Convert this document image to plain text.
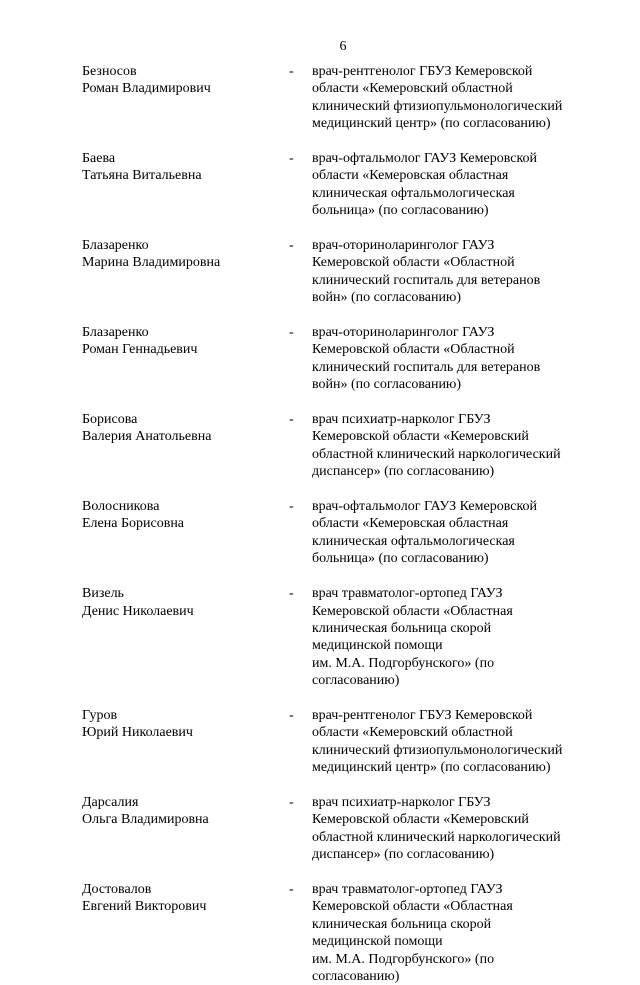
6
Безносов
Роман Владимирович
- врач-рентгенолог ГБУЗ Кемеровской
области «Кемеровский областной
клинический фтизиопульмонологический
медицинский центр» (по согласованию)
Баева
Татьяна Витальевна
- врач-офтальмолог ГАУЗ Кемеровской
области «Кемеровская областная
клиническая офтальмологическая
больница» (по согласованию)
Блазаренко
Марина Владимировна
- врач-оториноларинголог ГАУЗ
Кемеровской области «Областной
клинический госпиталь для ветеранов
войн» (по согласованию)
Блазаренко
Роман Геннадьевич
- врач-оториноларинголог ГАУЗ
Кемеровской области «Областной
клинический госпиталь для ветеранов
войн» (по согласованию)
Борисова
Валерия Анатольевна
- врач психиатр-нарколог ГБУЗ
Кемеровской области «Кемеровский
областной клинический наркологический
диспансер» (по согласованию)
Волосникова
Елена Борисовна
- врач-офтальмолог ГАУЗ Кемеровской
области «Кемеровская областная
клиническая офтальмологическая
больница» (по согласованию)
Визель
Денис Николаевич
- врач травматолог-ортопед ГАУЗ
Кемеровской области «Областная
клиническая больница скорой
медицинской помощи
им. М.А. Подгорбунского» (по
согласованию)
Гуров
Юрий Николаевич
- врач-рентгенолог ГБУЗ Кемеровской
области «Кемеровский областной
клинический фтизиопульмонологический
медицинский центр» (по согласованию)
Дарсалия
Ольга Владимировна
- врач психиатр-нарколог ГБУЗ
Кемеровской области «Кемеровский
областной клинический наркологический
диспансер» (по согласованию)
Достовалов
Евгений Викторович
- врач травматолог-ортопед ГАУЗ
Кемеровской области «Областная
клиническая больница скорой
медицинской помощи
им. М.А. Подгорбунского» (по
согласованию)
